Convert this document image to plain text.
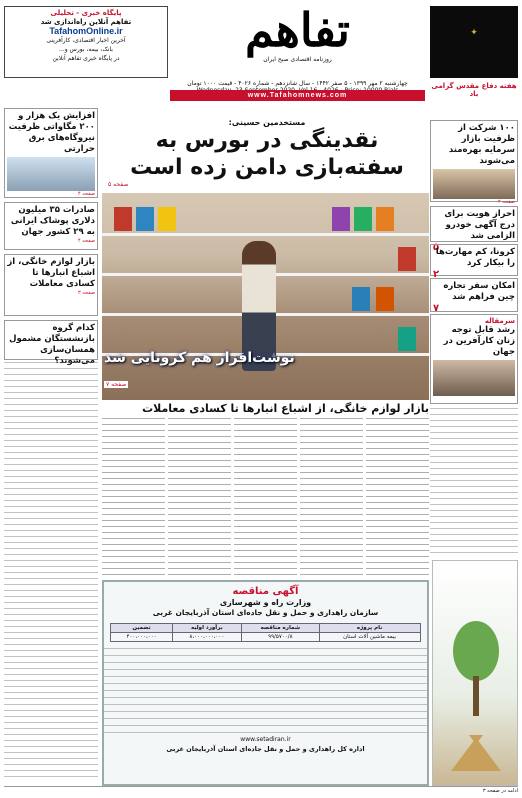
پایگاه خبری - تحلیلی
تفاهم آنلاین راه‌اندازی شد
TafahomOnline.ir
آخرین اخبار اقتصادی، کارآفرینی
بانک، بیمه، بورس و...
در پایگاه خبری تفاهم آنلاین
تفاهم
روزنامه اقتصادی صبح ایران
چهارشنبه ۲ مهر ۱۳۹۹ - ۵ صفر ۱۴۴۲ - سال شانزدهم - شماره ۴۰۲۶ - قیمت ۱۰۰۰ تومان
www.Tafahomnews.com
✦
هفته دفاع مقدس گرامی باد
افزایش یک هزار و ۲۰۰ مگاواتی ظرفیت نیروگاه‌های برق حرارتی
صفحه ۴
صادرات ۳۵ میلیون دلاری پوشاک ایرانی به ۲۹ کشور جهان
صفحه ۴
بازار لوازم خانگی، از اشباع انبارها تا کسادی معاملات
صفحه ۳
کدام گروه بازنشستگان مشمول همسان‌سازی می‌شوند؟
مستخدمین حسینی:
نقدینگی در بورس به سفته‌بازی دامن زده است
صفحه ۵
نوشت‌افزار هم کرونایی شد
صفحه ۷
بازار لوازم خانگی، از اشباع انبارها تا کسادی معاملات
آگهی مناقصه
وزارت راه و شهرسازی
سازمان راهداری و حمل و نقل جاده‌ای استان آذربایجان غربی
نام پروژه	شماره مناقصه	برآورد اولیه	تضمین
بیمه ماشین آلات استان	۹۹/۵۷۰۰/۸	۸،۰۰۰،۰۰۰،۰۰۰	۴۰۰،۰۰۰،۰۰۰
www.setadiran.ir
اداره کل راهداری و حمل و نقل جاده‌ای استان آذربایجان غربی
۱۰۰ شرکت از ظرفیت بازار سرمایه بهره‌مند می‌شوند
صفحه ۲
احراز هویت برای درج آگهی خودرو الزامی شد
۵
کرونا، کم مهارت‌ها را بیکار کرد
۲
امکان سفر تجاره چین فراهم شد
۷
سرمقاله
رشد قابل توجه زنان کارآفرین در جهان
ادامه در صفحه ۳
